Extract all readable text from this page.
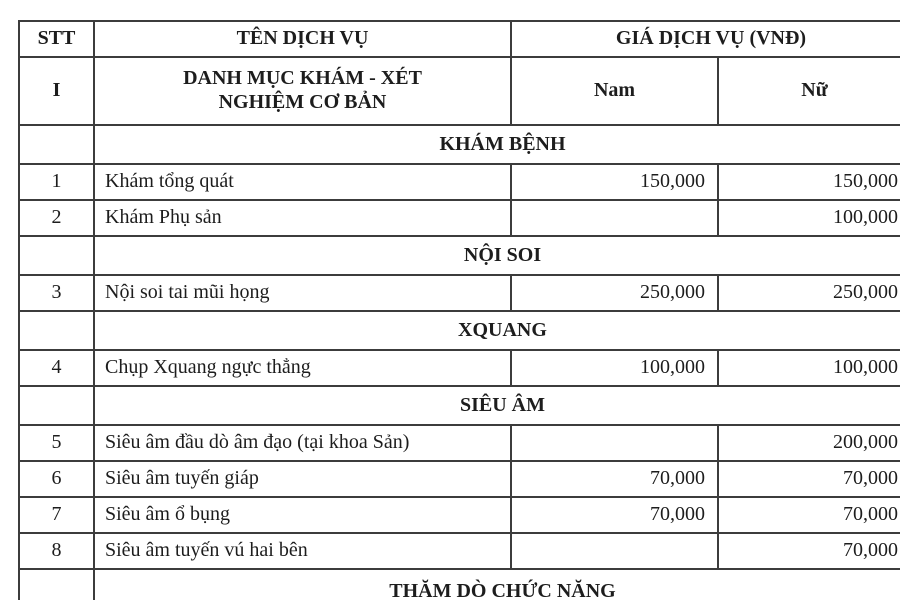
STT	TÊN DỊCH VỤ	GIÁ DỊCH VỤ (VNĐ)	
I	DANH MỤC KHÁM - XÉT NGHIỆM CƠ BẢN	Nam	Nữ
	KHÁM BỆNH		
1	Khám tổng quát	150,000	150,000
2	Khám Phụ sản		100,000
	NỘI SOI		
3	Nội soi tai mũi họng	250,000	250,000
	XQUANG		
4	Chụp Xquang ngực thẳng	100,000	100,000
	SIÊU ÂM		
5	Siêu âm đầu dò âm đạo (tại khoa Sản)		200,000
6	Siêu âm tuyến giáp	70,000	70,000
7	Siêu âm ổ bụng	70,000	70,000
8	Siêu âm tuyến vú hai bên		70,000
	THĂM DÒ CHỨC NĂNG		
